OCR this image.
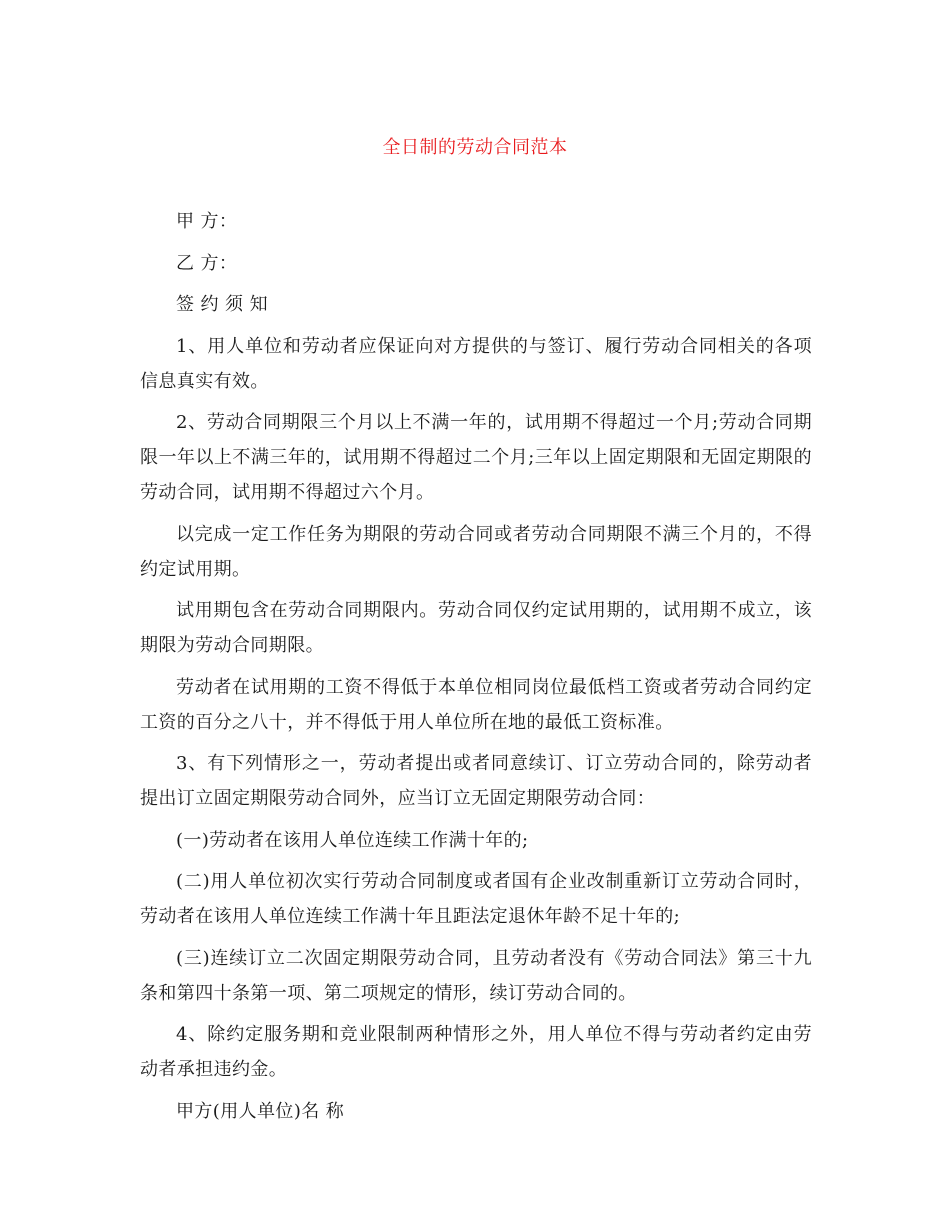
全日制的劳动合同范本

甲 方：

乙 方：

签 约 须 知

1、用人单位和劳动者应保证向对方提供的与签订、履行劳动合同相关的各项信息真实有效。

2、劳动合同期限三个月以上不满一年的，试用期不得超过一个月;劳动合同期限一年以上不满三年的，试用期不得超过二个月;三年以上固定期限和无固定期限的劳动合同，试用期不得超过六个月。

以完成一定工作任务为期限的劳动合同或者劳动合同期限不满三个月的，不得约定试用期。

试用期包含在劳动合同期限内。劳动合同仅约定试用期的，试用期不成立，该期限为劳动合同期限。

劳动者在试用期的工资不得低于本单位相同岗位最低档工资或者劳动合同约定工资的百分之八十，并不得低于用人单位所在地的最低工资标准。

3、有下列情形之一，劳动者提出或者同意续订、订立劳动合同的，除劳动者提出订立固定期限劳动合同外，应当订立无固定期限劳动合同：

(一)劳动者在该用人单位连续工作满十年的;

(二)用人单位初次实行劳动合同制度或者国有企业改制重新订立劳动合同时，劳动者在该用人单位连续工作满十年且距法定退休年龄不足十年的;

(三)连续订立二次固定期限劳动合同，且劳动者没有《劳动合同法》第三十九条和第四十条第一项、第二项规定的情形，续订劳动合同的。

4、除约定服务期和竞业限制两种情形之外，用人单位不得与劳动者约定由劳动者承担违约金。

甲方(用人单位)名 称
